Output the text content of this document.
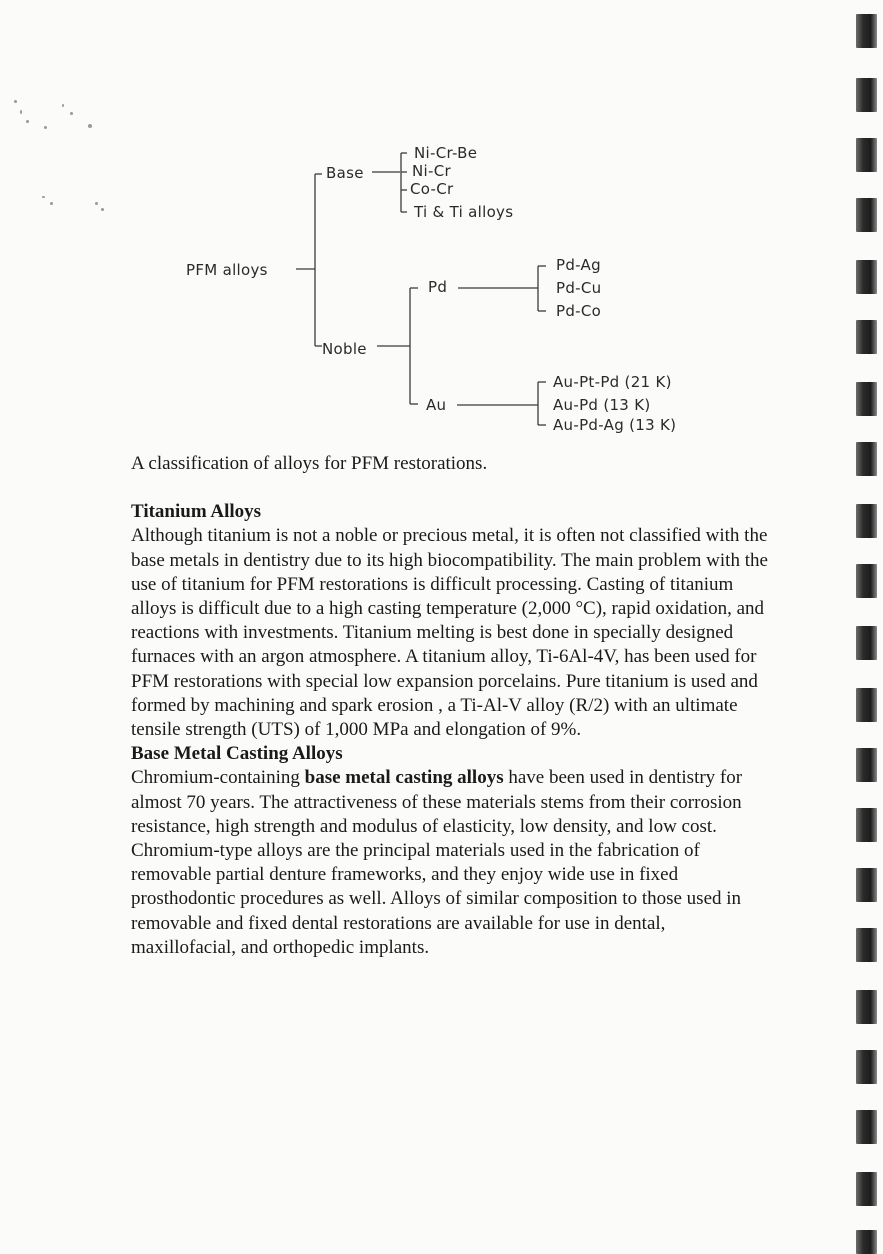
PFM alloys
Base
Ni-Cr-Be
Ni-Cr
Co-Cr
Ti & Ti alloys
Noble
Pd
Pd-Ag
Pd-Cu
Pd-Co
Au
Au-Pt-Pd (21 K)
Au-Pd (13 K)
Au-Pd-Ag (13 K)

A classification of alloys for PFM restorations.

Titanium Alloys

Although titanium is not a noble or precious metal, it is often not classified with the base metals in dentistry due to its high biocompatibility. The main problem with the use of titanium for PFM restorations is difficult processing. Casting of titanium alloys is difficult due to a high casting temperature (2,000 °C), rapid oxidation, and reactions with investments. Titanium melting is best done in specially designed furnaces with an argon atmosphere. A titanium alloy, Ti-6Al-4V, has been used for PFM restorations with special low expansion porcelains. Pure titanium is used and formed by machining and spark erosion , a Ti-Al-V alloy (R/2) with an ultimate tensile strength (UTS) of 1,000 MPa and elongation of 9%.

Base Metal Casting Alloys

Chromium-containing base metal casting alloys have been used in dentistry for almost 70 years. The attractiveness of these materials stems from their corrosion resistance, high strength and modulus of elasticity, low density, and low cost. Chromium-type alloys are the principal materials used in the fabrication of removable partial denture frameworks, and they enjoy wide use in fixed prosthodontic procedures as well. Alloys of similar composition to those used in removable and fixed dental restorations are available for use in dental, maxillofacial, and orthopedic implants.
